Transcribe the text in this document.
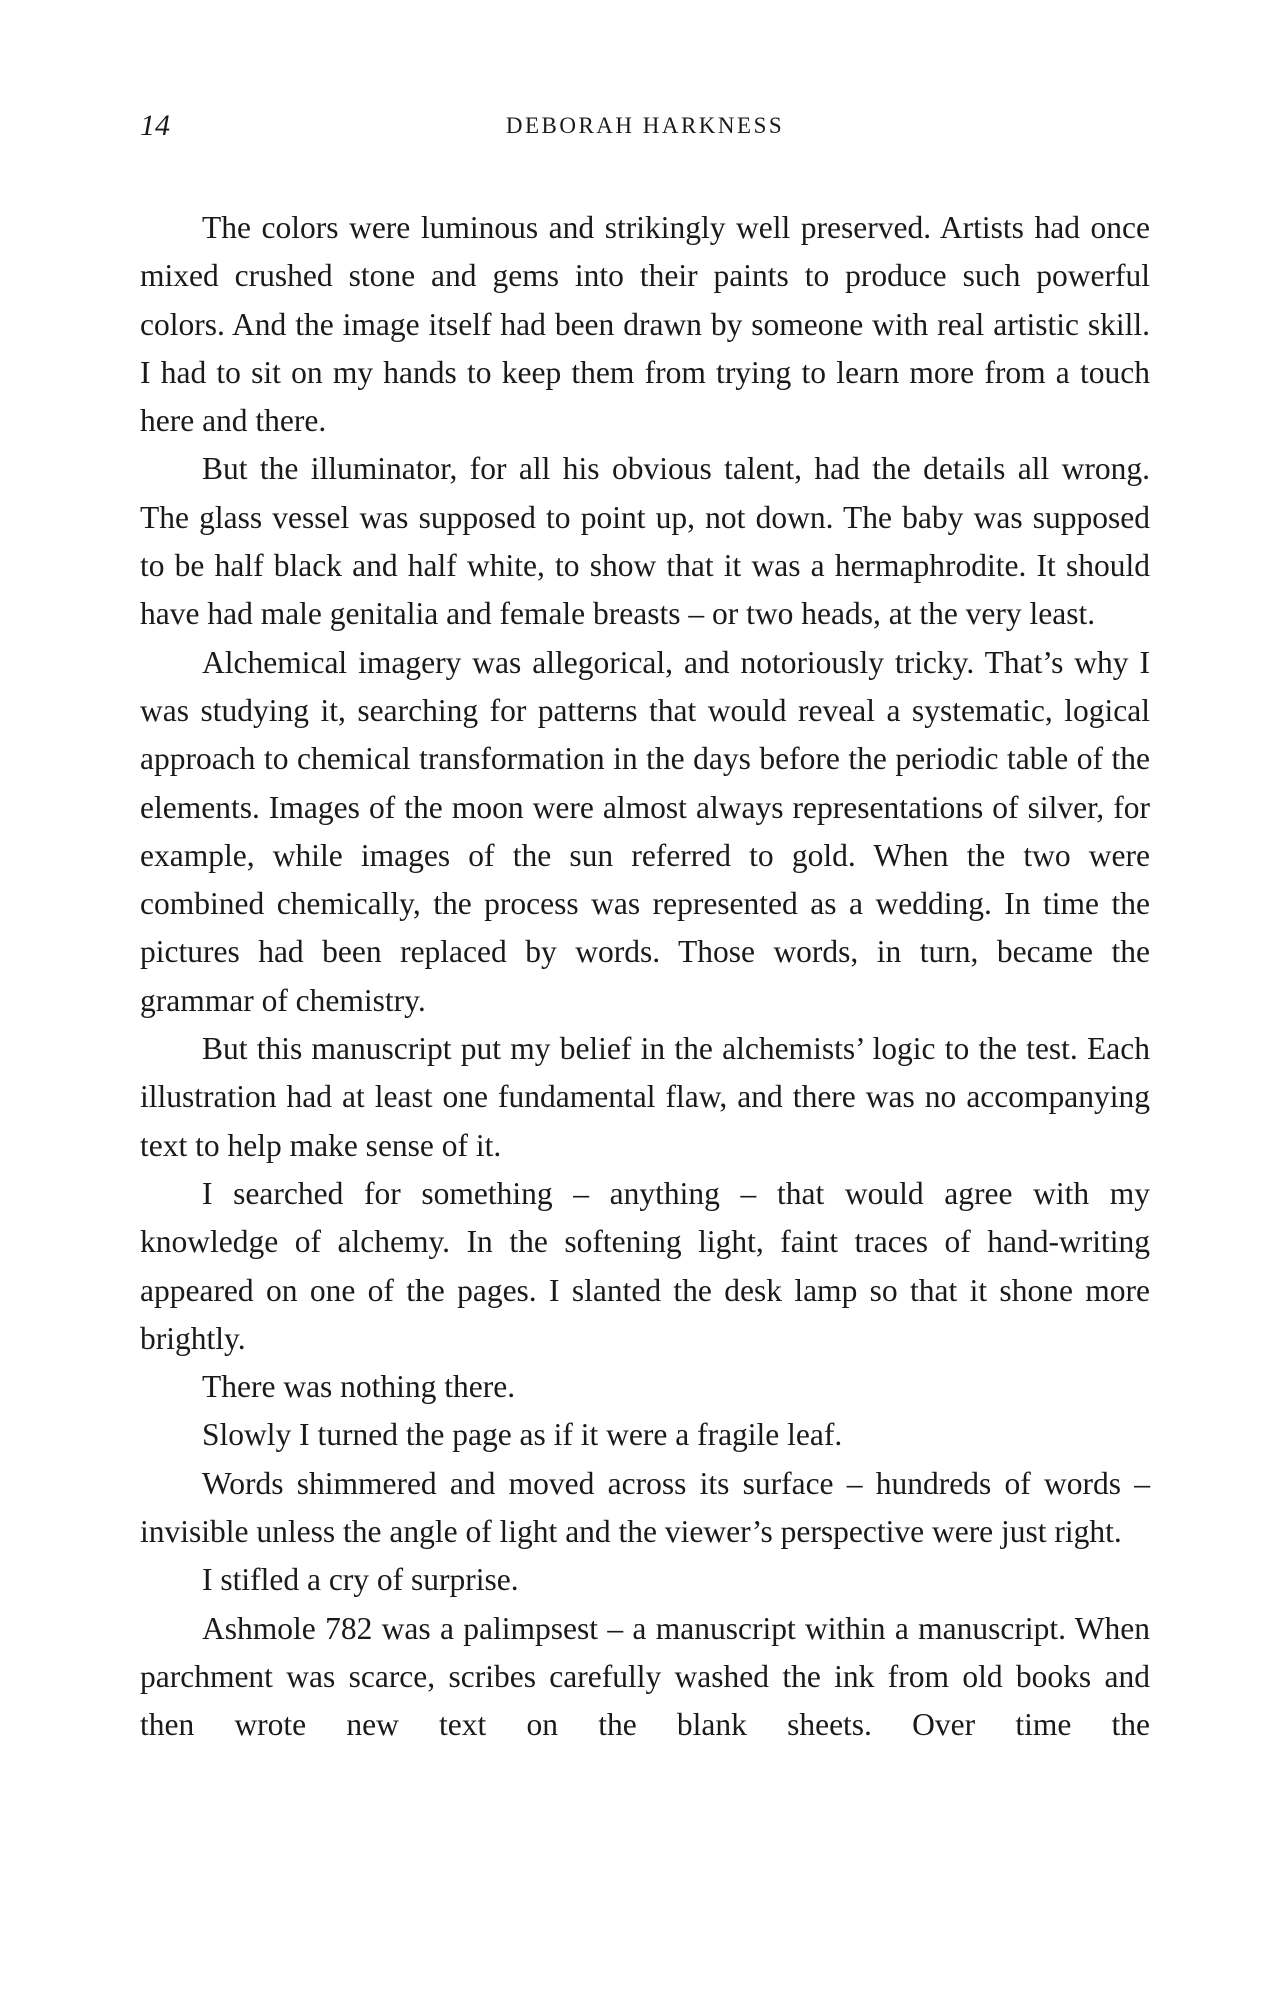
14	DEBORAH HARKNESS

The colors were luminous and strikingly well preserved. Artists had once mixed crushed stone and gems into their paints to produce such powerful colors. And the image itself had been drawn by someone with real artistic skill. I had to sit on my hands to keep them from trying to learn more from a touch here and there.

But the illuminator, for all his obvious talent, had the details all wrong. The glass vessel was supposed to point up, not down. The baby was supposed to be half black and half white, to show that it was a hermaphrodite. It should have had male genitalia and female breasts – or two heads, at the very least.

Alchemical imagery was allegorical, and notoriously tricky. That’s why I was studying it, searching for patterns that would reveal a systematic, logical approach to chemical transformation in the days before the periodic table of the elements. Images of the moon were almost always representations of silver, for example, while images of the sun referred to gold. When the two were combined chemically, the process was represented as a wedding. In time the pictures had been replaced by words. Those words, in turn, became the grammar of chemistry.

But this manuscript put my belief in the alchemists’ logic to the test. Each illustration had at least one fundamental flaw, and there was no accompanying text to help make sense of it.

I searched for something – anything – that would agree with my knowledge of alchemy. In the softening light, faint traces of hand-writing appeared on one of the pages. I slanted the desk lamp so that it shone more brightly.

There was nothing there.

Slowly I turned the page as if it were a fragile leaf.

Words shimmered and moved across its surface – hundreds of words – invisible unless the angle of light and the viewer’s perspective were just right.

I stifled a cry of surprise.

Ashmole 782 was a palimpsest – a manuscript within a manuscript. When parchment was scarce, scribes carefully washed the ink from old books and then wrote new text on the blank sheets. Over time the
